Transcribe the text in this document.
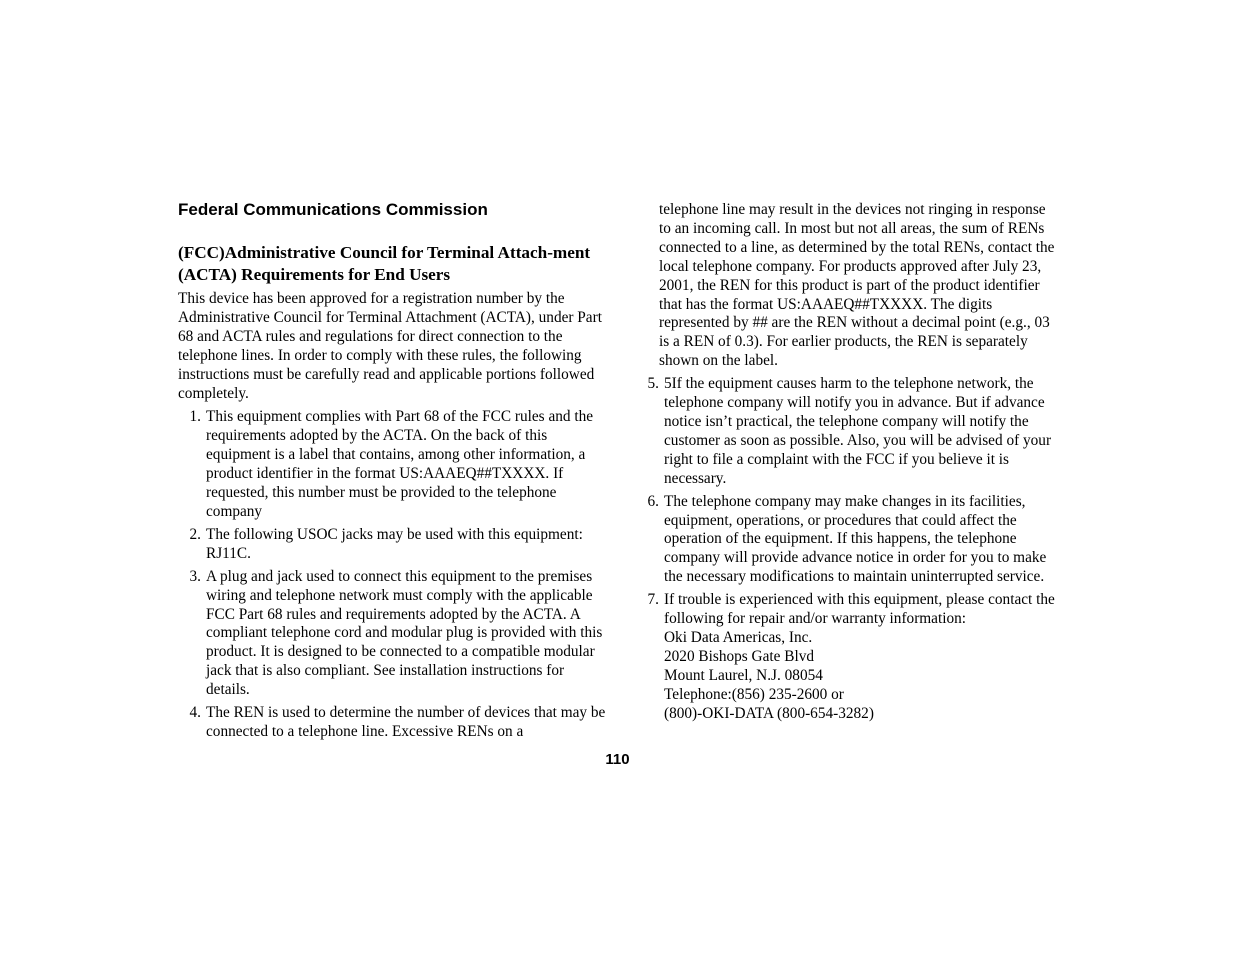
Federal Communications Commission
(FCC)Administrative Council for Terminal Attach-ment (ACTA) Requirements for End Users

This device has been approved for a registration number by the Administrative Council for Terminal Attachment (ACTA), under Part 68 and ACTA rules and regulations for direct connection to the telephone lines. In order to comply with these rules, the following instructions must be carefully read and applicable portions followed completely.

1. This equipment complies with Part 68 of the FCC rules and the requirements adopted by the ACTA. On the back of this equipment is a label that contains, among other information, a product identifier in the format US:AAAEQ##TXXXX. If requested, this number must be provided to the telephone company
2. The following USOC jacks may be used with this equipment: RJ11C.
3. A plug and jack used to connect this equipment to the premises wiring and telephone network must comply with the applicable FCC Part 68 rules and requirements adopted by the ACTA. A compliant telephone cord and modular plug is provided with this product. It is designed to be connected to a compatible modular jack that is also compliant. See installation instructions for details.
4. The REN is used to determine the number of devices that may be connected to a telephone line. Excessive RENs on a

telephone line may result in the devices not ringing in response to an incoming call. In most but not all areas, the sum of RENs connected to a line, as determined by the total RENs, contact the local telephone company. For products approved after July 23, 2001, the REN for this product is part of the product identifier that has the format US:AAAEQ##TXXXX. The digits represented by ## are the REN without a decimal point (e.g., 03 is a REN of 0.3). For earlier products, the REN is separately shown on the label.

5. 5If the equipment causes harm to the telephone network, the telephone company will notify you in advance. But if advance notice isn’t practical, the telephone company will notify the customer as soon as possible. Also, you will be advised of your right to file a complaint with the FCC if you believe it is necessary.
6. The telephone company may make changes in its facilities, equipment, operations, or procedures that could affect the operation of the equipment. If this happens, the telephone company will provide advance notice in order for you to make the necessary modifications to maintain uninterrupted service.
7. If trouble is experienced with this equipment, please contact the following for repair and/or warranty information:
Oki Data Americas, Inc.
2020 Bishops Gate Blvd
Mount Laurel, N.J. 08054
Telephone:(856) 235-2600 or
(800)-OKI-DATA (800-654-3282)
110
